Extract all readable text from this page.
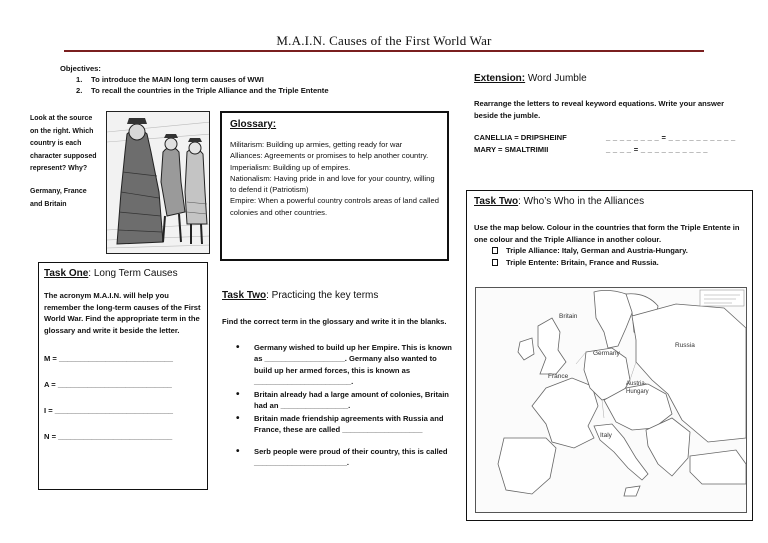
M.A.I.N. Causes of the First World War
Objectives:
1. To introduce the MAIN long term causes of WWI
2. To recall the countries in the Triple Alliance and the Triple Entente
Look at the source on the right. Which country is each character supposed represent? Why?
Germany, France and Britain
Glossary:
Militarism: Building up armies, getting ready for war
Alliances: Agreements or promises to help another country.
Imperialism: Building up of empires.
Nationalism: Having pride in and love for your country, willing to defend it (Patriotism)
Empire: When a powerful country controls areas of land called colonies and other countries.
Task One: Long Term Causes
The acronym M.A.I.N. will help you remember the long-term causes of the First World War. Find the appropriate term in the glossary and write it beside the letter.
M = ___________________________
A = ___________________________
I = ____________________________
N = ___________________________
Task Two: Practicing the key terms
Find the correct term in the glossary and write it in the blanks.
• Germany wished to build up her Empire. This is known as ___________________. Germany also wanted to build up her armed forces, this is known as _______________________.
• Britain already had a large amount of colonies, Britain had an ________________.
• Britain made friendship agreements with Russia and France, these are called ___________________
• Serb people were proud of their country, this is called ______________________.
Extension: Word Jumble
Rearrange the letters to reveal keyword equations. Write your answer beside the jumble.
CANELLIA = DRIPSHEINF	_ _ _ _ _ _ _ _ = _ _ _ _ _ _ _ _ _ _
MARY = SMALTRIMII	_ _ _ _ = _ _ _ _ _ _ _ _ _ _
Task Two: Who’s Who in the Alliances
Use the map below. Colour in the countries that form the Triple Entente in one colour and the Triple Alliance in another colour.
Triple Alliance: Italy, German and Austria-Hungary.
Triple Entente: Britain, France and Russia.
Britain
Germany
Russia
France
Austria-
Hungary
Italy
